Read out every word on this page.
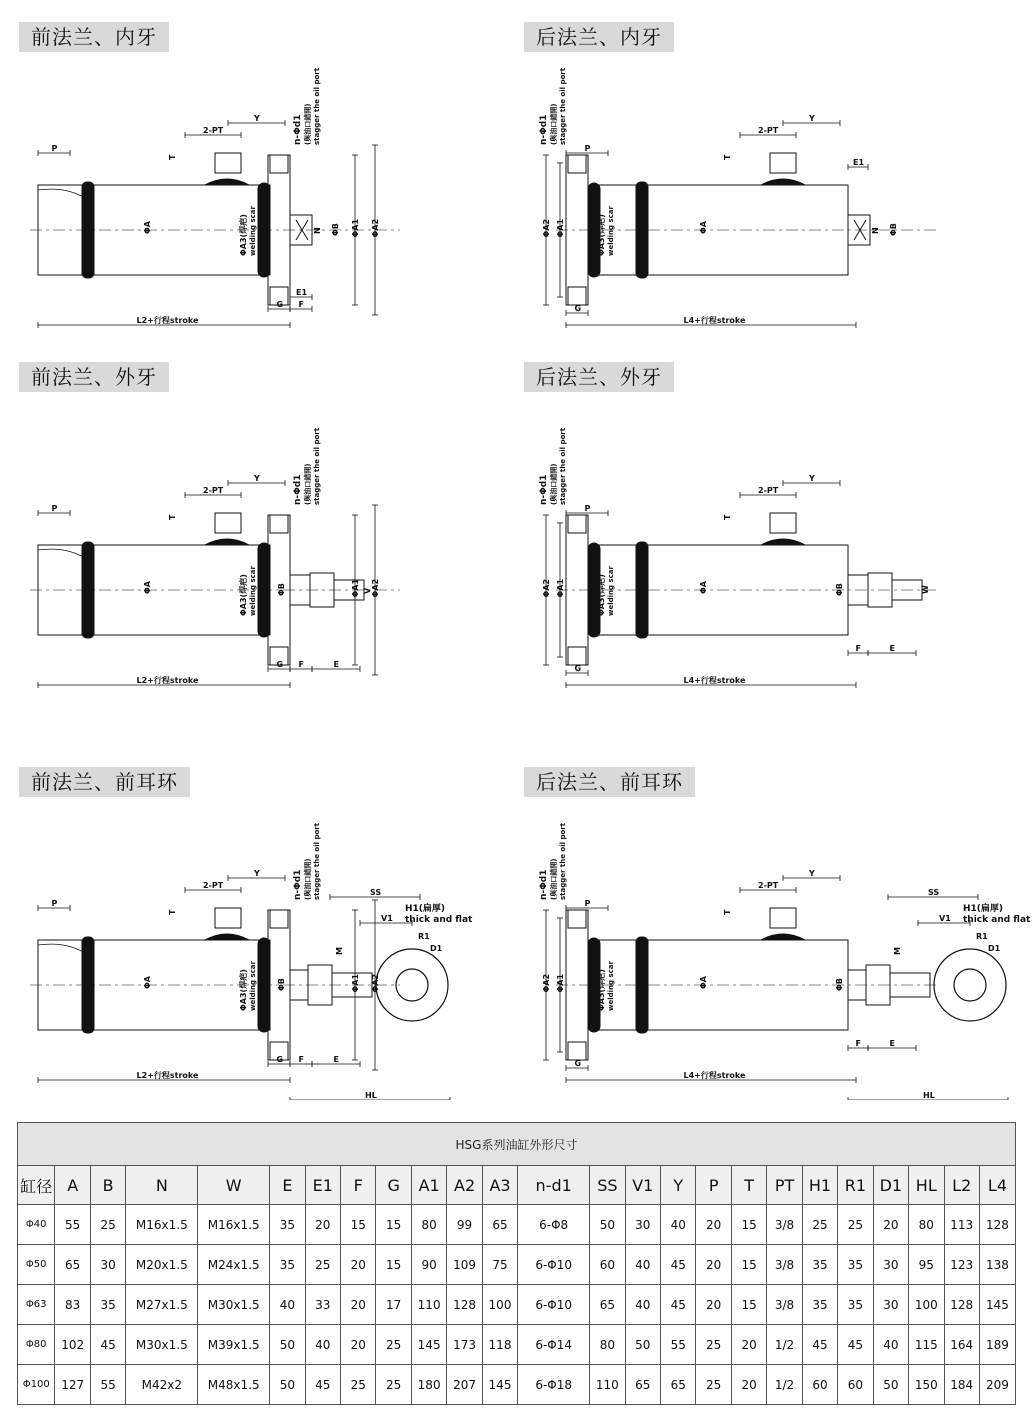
前法兰、内牙
N
ΦA	ΦA3(焊疤) welding scar	ΦB
n-Φd1 (與油口錯開) stagger the oil port
ΦA1 ΦA2
2-PT
Y
T
P
L2+行程stroke
G F
E1
后法兰、内牙
N
ΦA
ΦA3(焊疤) welding scar	ΦB
n-Φd1 (與油口錯開) stagger the oil port
ΦA2 ΦA1
2-PT
Y
T
P
L4+行程stroke
G
E1
前法兰、外牙
V
ΦA	ΦA3(焊疤) welding scar	ΦB
n-Φd1 (與油口錯開) stagger the oil port
ΦA1 ΦA2
2-PT
Y
T
P
L2+行程stroke
G F	E
后法兰、外牙
W
ΦA
ΦA3(焊疤) welding scar	ΦB
n-Φd1 (與油口錯開) stagger the oil port
ΦA2 ΦA1
2-PT
Y
T
P
L4+行程stroke
G
F	E
前法兰、前耳环
H1(扁厚)
thick and flat
R1
D1
SS
V1
HL
M
ΦA	ΦA3(焊疤) welding scar	ΦB
n-Φd1 (與油口錯開) stagger the oil port
ΦA1 ΦA2
2-PT
Y
T
P
L2+行程stroke
G F	E
后法兰、前耳环
H1(扁厚)
thick and flat
R1
D1
SS
V1
HL
M
ΦA
ΦA3(焊疤) welding scar	ΦB
n-Φd1 (與油口錯開) stagger the oil port
ΦA2 ΦA1
2-PT
Y
T
P
L4+行程stroke
G
F	E
HSG系列油缸外形尺寸																								
缸径	A	B	N	W	E	E1	F	G	A1	A2	A3	n-d1	SS	V1	Y	P	T	PT	H1	R1	D1	HL	L2	L4
Φ40	55	25	M16x1.5	M16x1.5	35	20	15	15	80	99	65	6-Φ8	50	30	40	20	15	3/8	25	25	20	80	113	128
Φ50	65	30	M20x1.5	M24x1.5	35	25	20	15	90	109	75	6-Φ10	60	40	45	20	15	3/8	35	35	30	95	123	138
Φ63	83	35	M27x1.5	M30x1.5	40	33	20	17	110	128	100	6-Φ10	65	40	45	20	15	3/8	35	35	30	100	128	145
Φ80	102	45	M30x1.5	M39x1.5	50	40	20	25	145	173	118	6-Φ14	80	50	55	25	20	1/2	45	45	40	115	164	189
Φ100	127	55	M42x2	M48x1.5	50	45	25	25	180	207	145	6-Φ18	110	65	65	25	20	1/2	60	60	50	150	184	209
